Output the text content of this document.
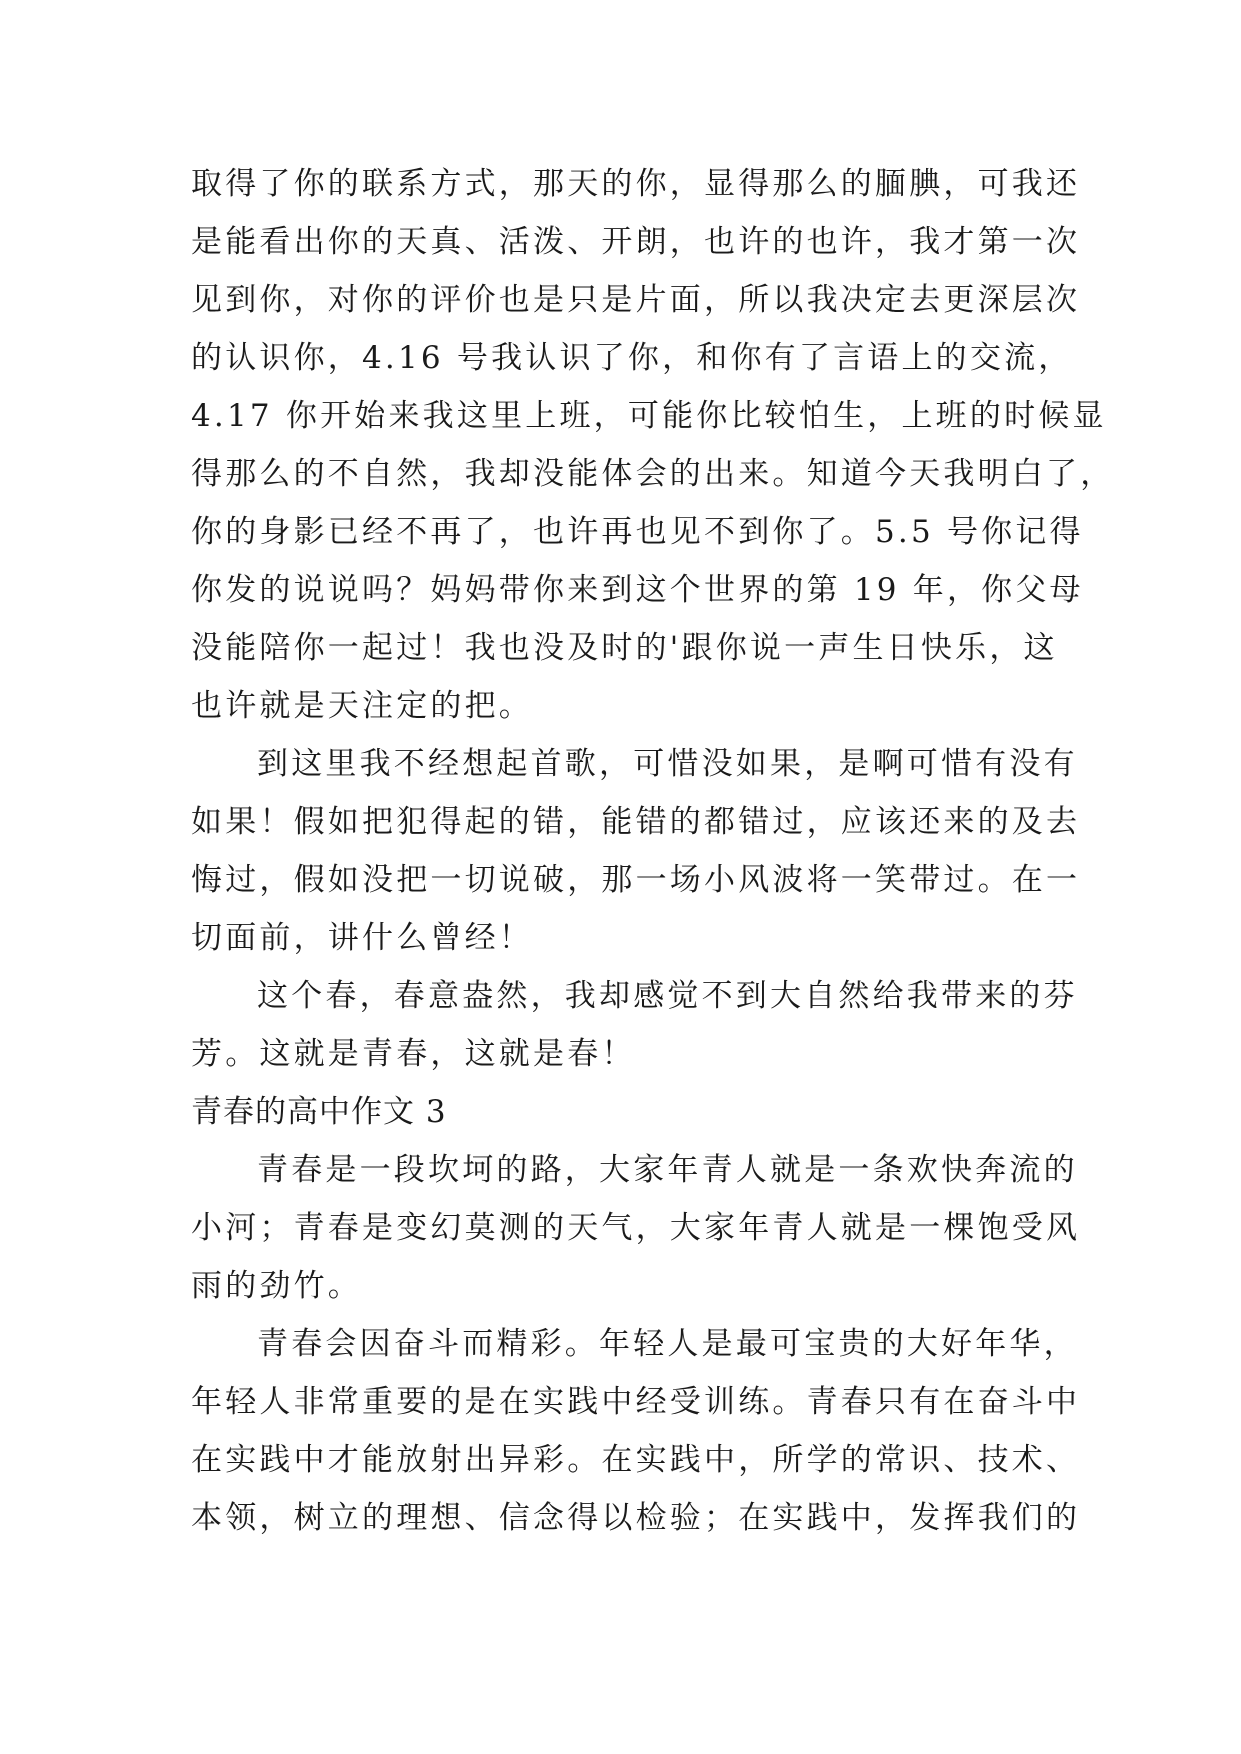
取得了你的联系方式，那天的你，显得那么的腼腆，可我还
是能看出你的天真、活泼、开朗，也许的也许，我才第一次
见到你，对你的评价也是只是片面，所以我决定去更深层次
的认识你，4.16 号我认识了你，和你有了言语上的交流，
4.17 你开始来我这里上班，可能你比较怕生，上班的时候显
得那么的不自然，我却没能体会的出来。知道今天我明白了，
你的身影已经不再了，也许再也见不到你了。5.5 号你记得
你发的说说吗？妈妈带你来到这个世界的第 19 年，你父母
没能陪你一起过！我也没及时的'跟你说一声生日快乐，这
也许就是天注定的把。
到这里我不经想起首歌，可惜没如果，是啊可惜有没有
如果！假如把犯得起的错，能错的都错过，应该还来的及去
悔过，假如没把一切说破，那一场小风波将一笑带过。在一
切面前，讲什么曾经！
这个春，春意盎然，我却感觉不到大自然给我带来的芬
芳。这就是青春，这就是春！
青春的高中作文 3
青春是一段坎坷的路，大家年青人就是一条欢快奔流的
小河；青春是变幻莫测的天气，大家年青人就是一棵饱受风
雨的劲竹。
青春会因奋斗而精彩。年轻人是最可宝贵的大好年华，
年轻人非常重要的是在实践中经受训练。青春只有在奋斗中
在实践中才能放射出异彩。在实践中，所学的常识、技术、
本领，树立的理想、信念得以检验；在实践中，发挥我们的
